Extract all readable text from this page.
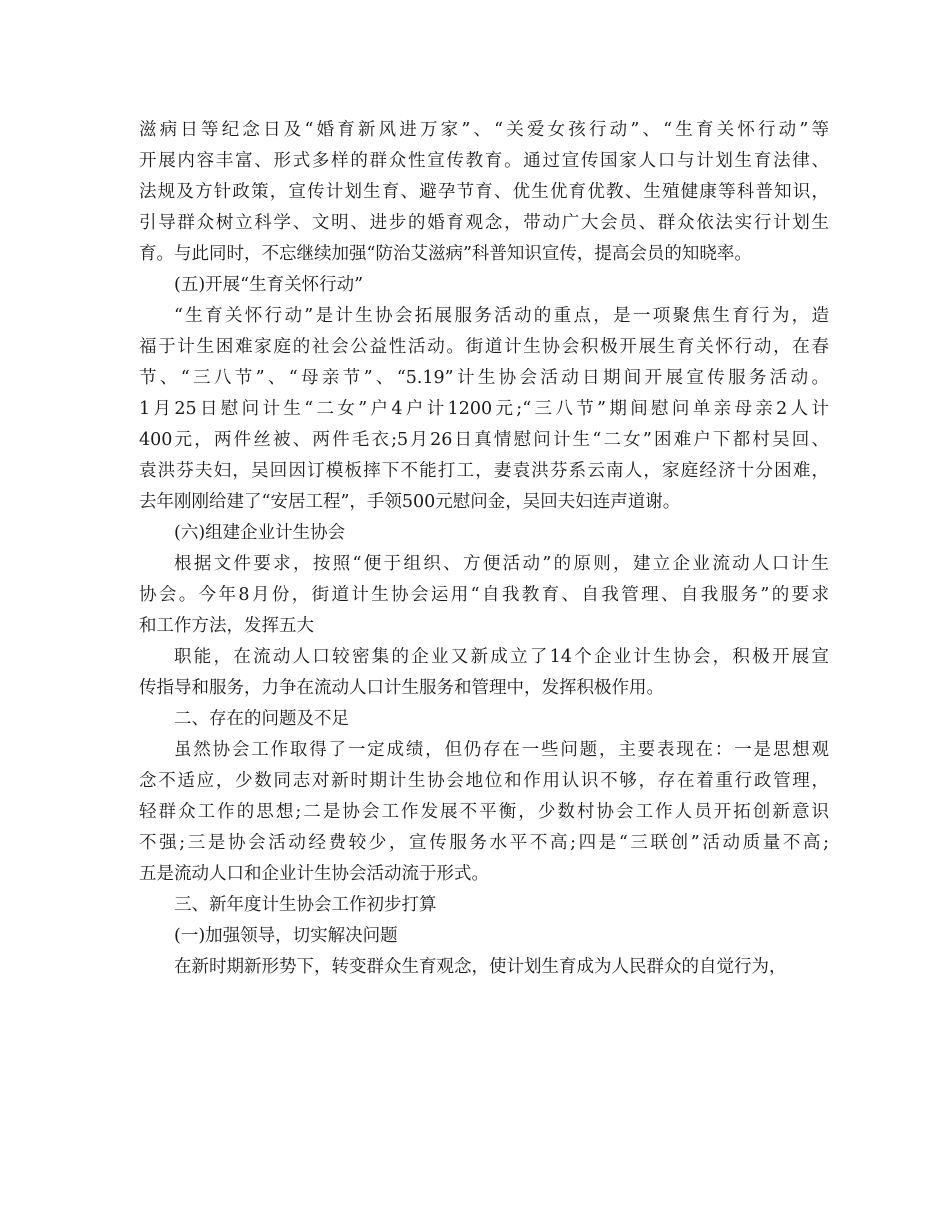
滋病日等纪念日及“婚育新风进万家”、“关爱女孩行动”、“生育关怀行动”等
开展内容丰富、形式多样的群众性宣传教育。通过宣传国家人口与计划生育法律、
法规及方针政策，宣传计划生育、避孕节育、优生优育优教、生殖健康等科普知识，
引导群众树立科学、文明、进步的婚育观念，带动广大会员、群众依法实行计划生
育。与此同时，不忘继续加强“防治艾滋病”科普知识宣传，提高会员的知晓率。
(五)开展“生育关怀行动”
“生育关怀行动”是计生协会拓展服务活动的重点，是一项聚焦生育行为，造
福于计生困难家庭的社会公益性活动。街道计生协会积极开展生育关怀行动，在春
节、“三八节”、“母亲节”、“5.19”计生协会活动日期间开展宣传服务活动。
1月25日慰问计生“二女”户4户计1200元;“三八节”期间慰问单亲母亲2人计
400元，两件丝被、两件毛衣;5月26日真情慰问计生“二女”困难户下都村吴回、
袁洪芬夫妇，吴回因订模板摔下不能打工，妻袁洪芬系云南人，家庭经济十分困难，
去年刚刚给建了“安居工程”，手领500元慰问金，吴回夫妇连声道谢。
(六)组建企业计生协会
根据文件要求，按照“便于组织、方便活动”的原则，建立企业流动人口计生
协会。今年8月份，街道计生协会运用“自我教育、自我管理、自我服务”的要求
和工作方法，发挥五大
职能，在流动人口较密集的企业又新成立了14个企业计生协会，积极开展宣
传指导和服务，力争在流动人口计生服务和管理中，发挥积极作用。
二、存在的问题及不足
虽然协会工作取得了一定成绩，但仍存在一些问题，主要表现在：一是思想观
念不适应，少数同志对新时期计生协会地位和作用认识不够，存在着重行政管理，
轻群众工作的思想;二是协会工作发展不平衡，少数村协会工作人员开拓创新意识
不强;三是协会活动经费较少，宣传服务水平不高;四是“三联创”活动质量不高;
五是流动人口和企业计生协会活动流于形式。
三、新年度计生协会工作初步打算
(一)加强领导，切实解决问题
在新时期新形势下，转变群众生育观念，使计划生育成为人民群众的自觉行为，
